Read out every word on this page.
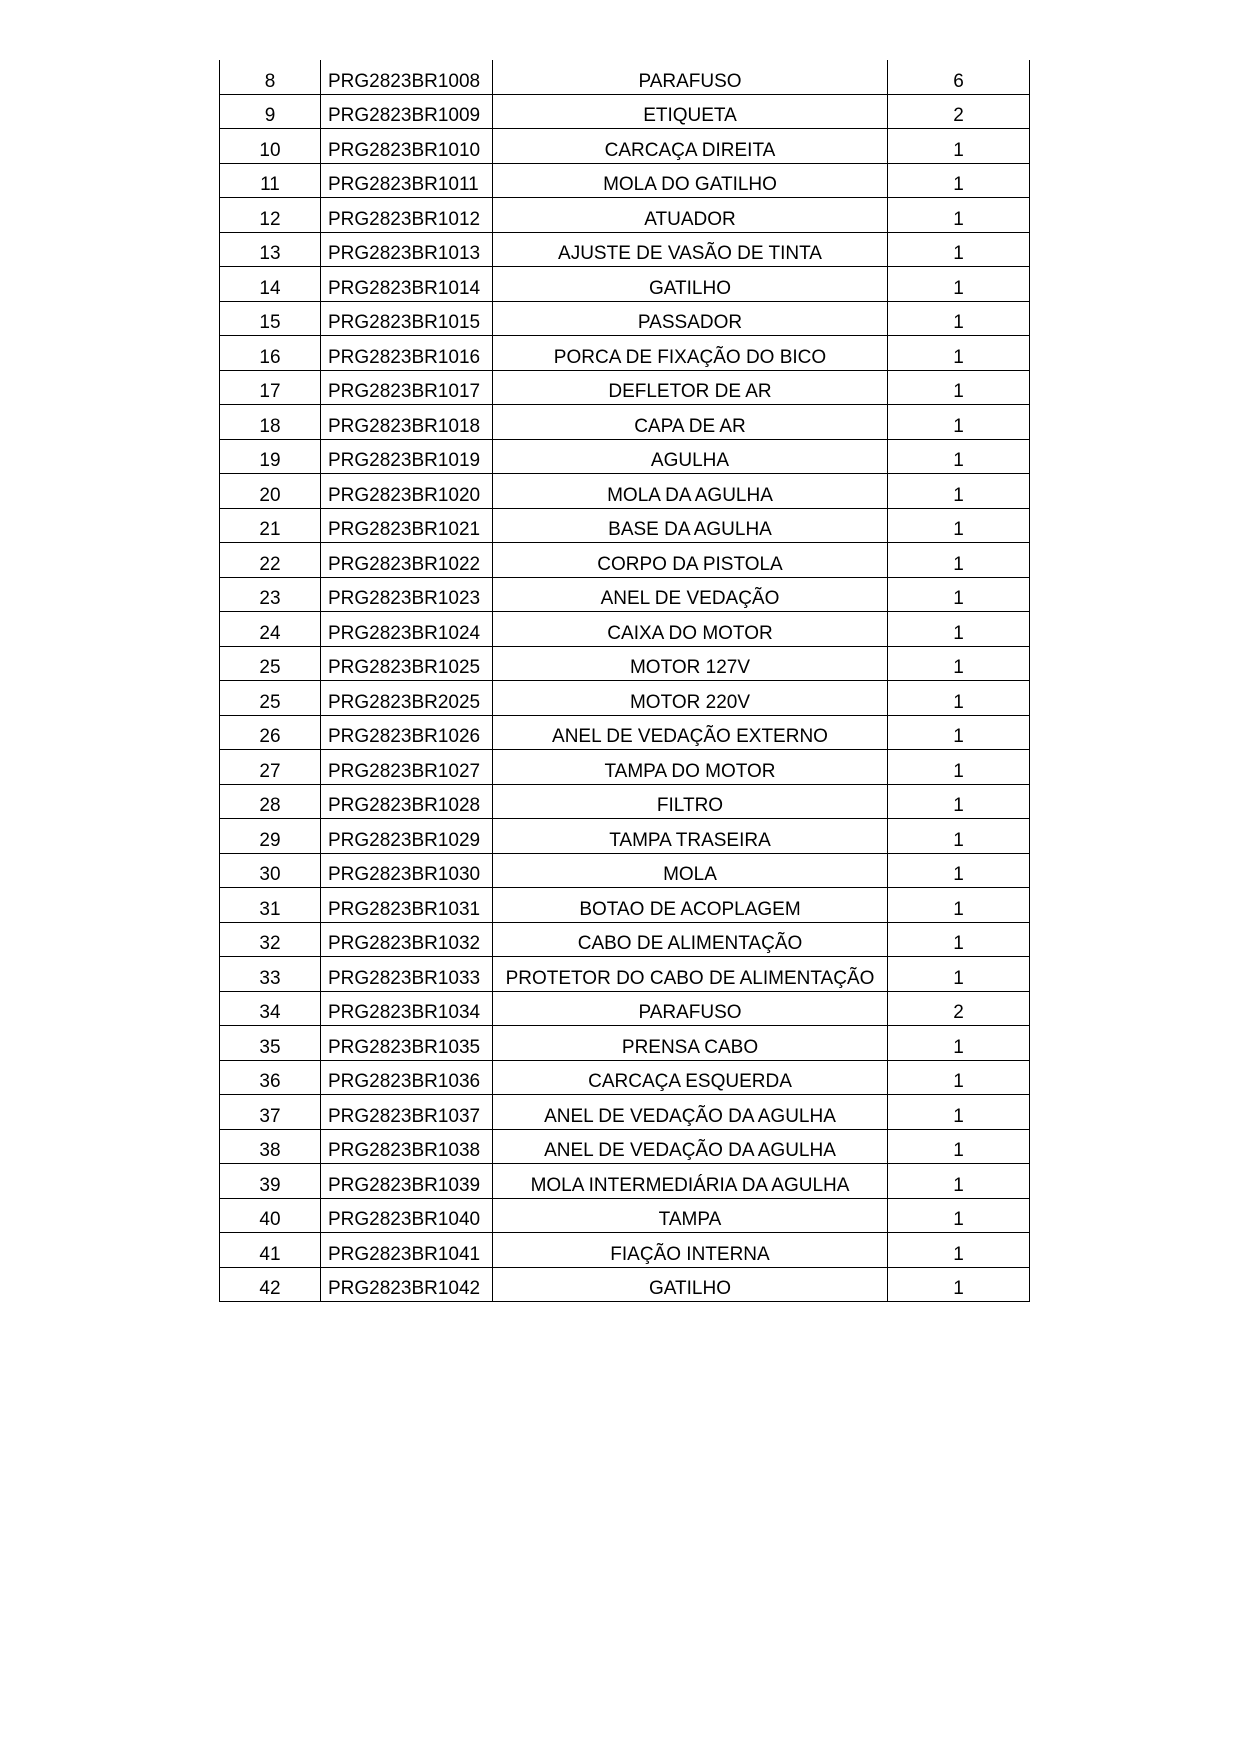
8	PRG2823BR1008	PARAFUSO	6
9	PRG2823BR1009	ETIQUETA	2
10	PRG2823BR1010	CARCAÇA DIREITA	1
11	PRG2823BR1011	MOLA DO GATILHO	1
12	PRG2823BR1012	ATUADOR	1
13	PRG2823BR1013	AJUSTE DE VASÃO DE TINTA	1
14	PRG2823BR1014	GATILHO	1
15	PRG2823BR1015	PASSADOR	1
16	PRG2823BR1016	PORCA DE FIXAÇÃO DO BICO	1
17	PRG2823BR1017	DEFLETOR DE AR	1
18	PRG2823BR1018	CAPA DE AR	1
19	PRG2823BR1019	AGULHA	1
20	PRG2823BR1020	MOLA DA AGULHA	1
21	PRG2823BR1021	BASE DA AGULHA	1
22	PRG2823BR1022	CORPO DA PISTOLA	1
23	PRG2823BR1023	ANEL DE VEDAÇÃO	1
24	PRG2823BR1024	CAIXA DO MOTOR	1
25	PRG2823BR1025	MOTOR 127V	1
25	PRG2823BR2025	MOTOR 220V	1
26	PRG2823BR1026	ANEL DE VEDAÇÃO EXTERNO	1
27	PRG2823BR1027	TAMPA DO MOTOR	1
28	PRG2823BR1028	FILTRO	1
29	PRG2823BR1029	TAMPA TRASEIRA	1
30	PRG2823BR1030	MOLA	1
31	PRG2823BR1031	BOTAO DE ACOPLAGEM	1
32	PRG2823BR1032	CABO DE ALIMENTAÇÃO	1
33	PRG2823BR1033	PROTETOR DO CABO DE ALIMENTAÇÃO	1
34	PRG2823BR1034	PARAFUSO	2
35	PRG2823BR1035	PRENSA CABO	1
36	PRG2823BR1036	CARCAÇA ESQUERDA	1
37	PRG2823BR1037	ANEL DE VEDAÇÃO DA AGULHA	1
38	PRG2823BR1038	ANEL DE VEDAÇÃO DA AGULHA	1
39	PRG2823BR1039	MOLA INTERMEDIÁRIA DA AGULHA	1
40	PRG2823BR1040	TAMPA	1
41	PRG2823BR1041	FIAÇÃO INTERNA	1
42	PRG2823BR1042	GATILHO	1
